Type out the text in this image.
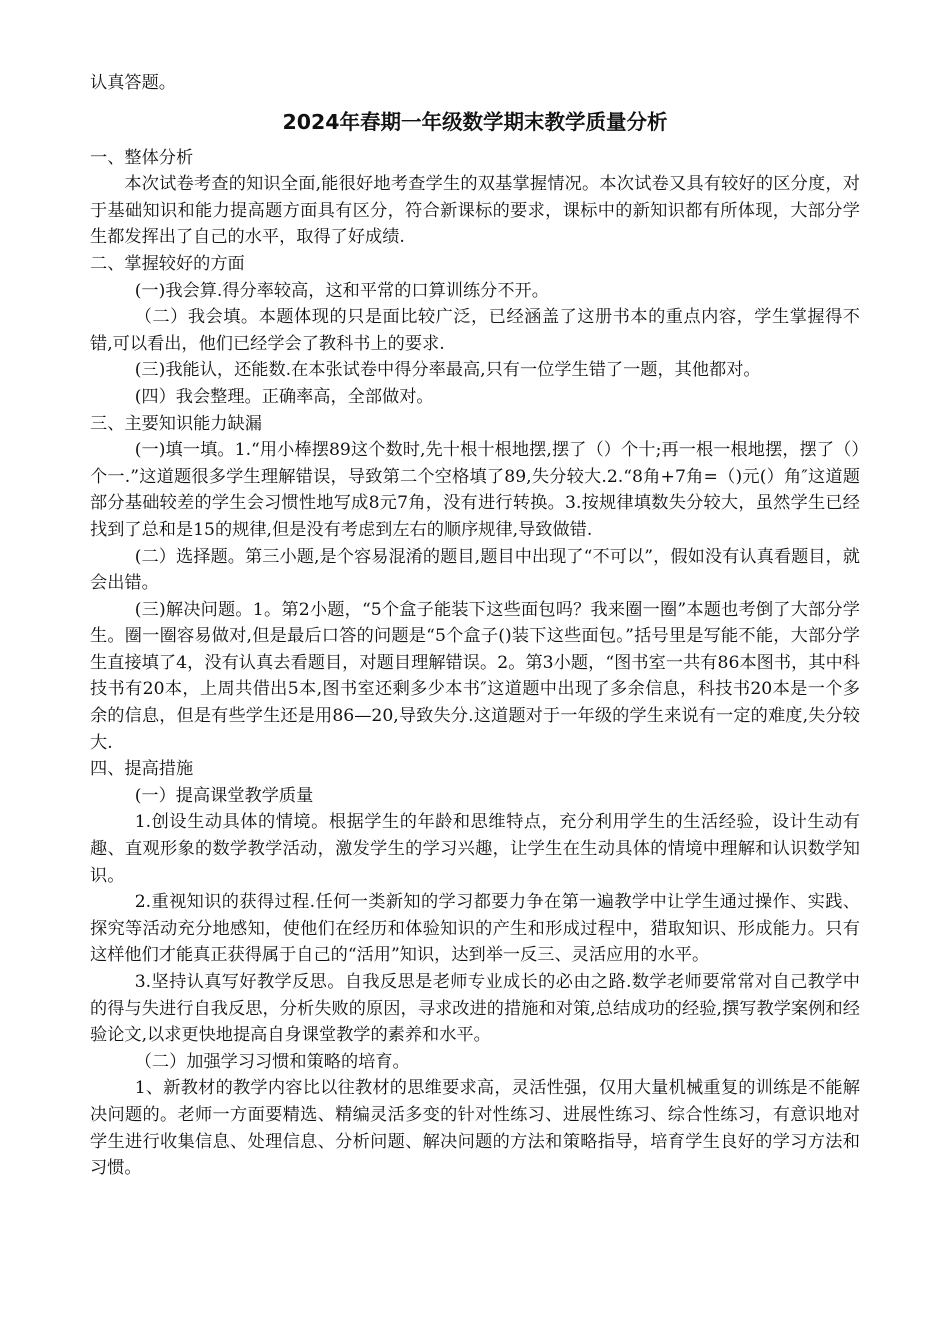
认真答题。

2024年春期一年级数学期末教学质量分析

一、整体分析

本次试卷考查的知识全面,能很好地考查学生的双基掌握情况。本次试卷又具有较好的区分度，对于基础知识和能力提高题方面具有区分，符合新课标的要求，课标中的新知识都有所体现，大部分学生都发挥出了自己的水平，取得了好成绩.

二、掌握较好的方面

(一)我会算.得分率较高，这和平常的口算训练分不开。

（二）我会填。本题体现的只是面比较广泛，已经涵盖了这册书本的重点内容，学生掌握得不错,可以看出，他们已经学会了教科书上的要求.

(三)我能认，还能数.在本张试卷中得分率最高,只有一位学生错了一题，其他都对。

(四）我会整理。正确率高，全部做对。

三、主要知识能力缺漏

(一)填一填。1.“用小棒摆89这个数时,先十根十根地摆,摆了（）个十;再一根一根地摆，摆了（）个一.”这道题很多学生理解错误，导致第二个空格填了89,失分较大.2.“8角+7角=（)元(）角″这道题部分基础较差的学生会习惯性地写成8元7角，没有进行转换。3.按规律填数失分较大，虽然学生已经找到了总和是15的规律,但是没有考虑到左右的顺序规律,导致做错.

(二）选择题。第三小题,是个容易混淆的题目,题目中出现了“不可以”，假如没有认真看题目，就会出错。

(三)解决问题。1。第2小题，“5个盒子能装下这些面包吗？我来圈一圈”本题也考倒了大部分学生。圈一圈容易做对,但是最后口答的问题是“5个盒子()装下这些面包。”括号里是写能不能，大部分学生直接填了4，没有认真去看题目，对题目理解错误。2。第3小题，“图书室一共有86本图书，其中科技书有20本，上周共借出5本,图书室还剩多少本书″这道题中出现了多余信息，科技书20本是一个多余的信息，但是有些学生还是用86—20,导致失分.这道题对于一年级的学生来说有一定的难度,失分较大.

四、提高措施

(一）提高课堂教学质量

1.创设生动具体的情境。根据学生的年龄和思维特点，充分利用学生的生活经验，设计生动有趣、直观形象的数学教学活动，激发学生的学习兴趣，让学生在生动具体的情境中理解和认识数学知识。

2.重视知识的获得过程.任何一类新知的学习都要力争在第一遍教学中让学生通过操作、实践、探究等活动充分地感知，使他们在经历和体验知识的产生和形成过程中，猎取知识、形成能力。只有这样他们才能真正获得属于自己的“活用”知识，达到举一反三、灵活应用的水平。

3.坚持认真写好教学反思。自我反思是老师专业成长的必由之路.数学老师要常常对自己教学中的得与失进行自我反思，分析失败的原因，寻求改进的措施和对策,总结成功的经验,撰写教学案例和经验论文,以求更快地提高自身课堂教学的素养和水平。

（二）加强学习习惯和策略的培育。

1、新教材的教学内容比以往教材的思维要求高，灵活性强，仅用大量机械重复的训练是不能解决问题的。老师一方面要精选、精编灵活多变的针对性练习、进展性练习、综合性练习，有意识地对学生进行收集信息、处理信息、分析问题、解决问题的方法和策略指导，培育学生良好的学习方法和习惯。
